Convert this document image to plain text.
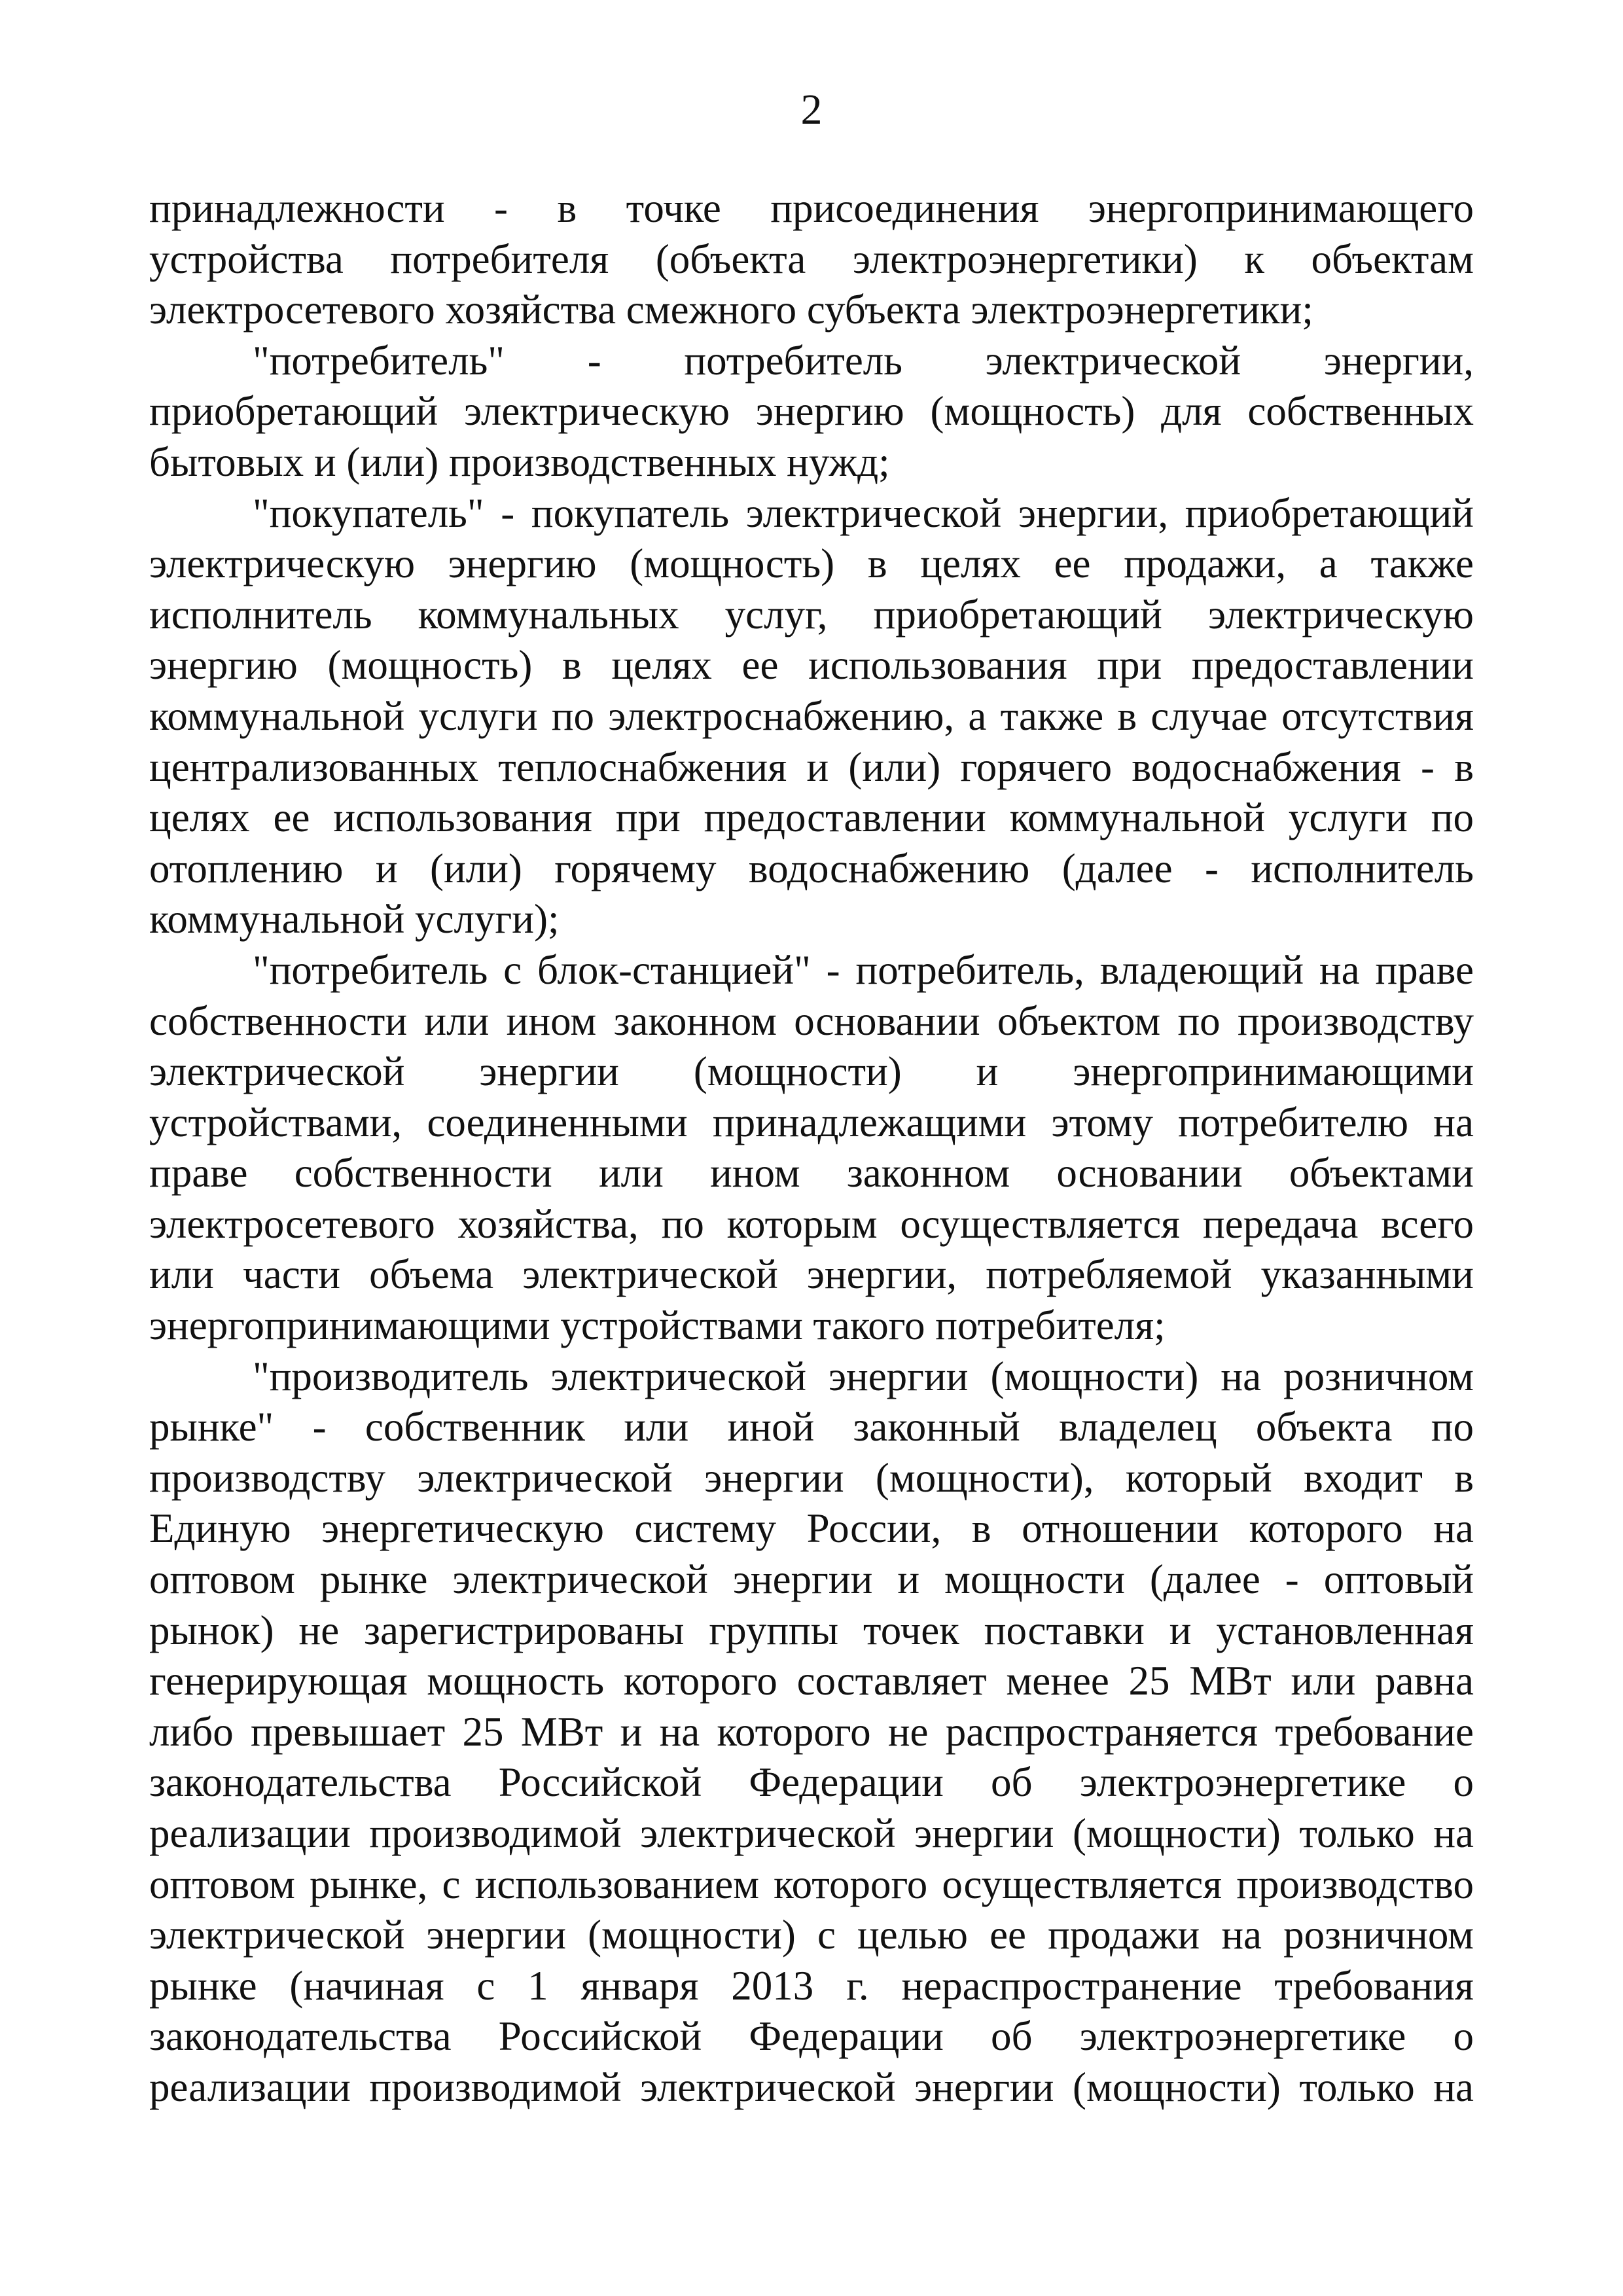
2

принадлежности - в точке присоединения энергопринимающего устройства потребителя (объекта электроэнергетики) к объектам электросетевого хозяйства смежного субъекта электроэнергетики;

"потребитель" - потребитель электрической энергии, приобретающий электрическую энергию (мощность) для собственных бытовых и (или) производственных нужд;

"покупатель" - покупатель электрической энергии, приобретающий электрическую энергию (мощность) в целях ее продажи, а также исполнитель коммунальных услуг, приобретающий электрическую энергию (мощность) в целях ее использования при предоставлении коммунальной услуги по электроснабжению, а также в случае отсутствия централизованных теплоснабжения и (или) горячего водоснабжения - в целях ее использования при предоставлении коммунальной услуги по отоплению и (или) горячему водоснабжению (далее - исполнитель коммунальной услуги);

"потребитель с блок-станцией" - потребитель, владеющий на праве собственности или ином законном основании объектом по производству электрической энергии (мощности) и энергопринимающими устройствами, соединенными принадлежащими этому потребителю на праве собственности или ином законном основании объектами электросетевого хозяйства, по которым осуществляется передача всего или части объема электрической энергии, потребляемой указанными энергопринимающими устройствами такого потребителя;

"производитель электрической энергии (мощности) на розничном рынке" - собственник или иной законный владелец объекта по производству электрической энергии (мощности), который входит в Единую энергетическую систему России, в отношении которого на оптовом рынке электрической энергии и мощности (далее - оптовый рынок) не зарегистрированы группы точек поставки и установленная генерирующая мощность которого составляет менее 25 МВт или равна либо превышает 25 МВт и на которого не распространяется требование законодательства Российской Федерации об электроэнергетике о реализации производимой электрической энергии (мощности) только на оптовом рынке, с использованием которого осуществляется производство электрической энергии (мощности) с целью ее продажи на розничном рынке (начиная с 1 января 2013 г. нераспространение требования законодательства Российской Федерации об электроэнергетике о реализации производимой электрической энергии (мощности) только на
